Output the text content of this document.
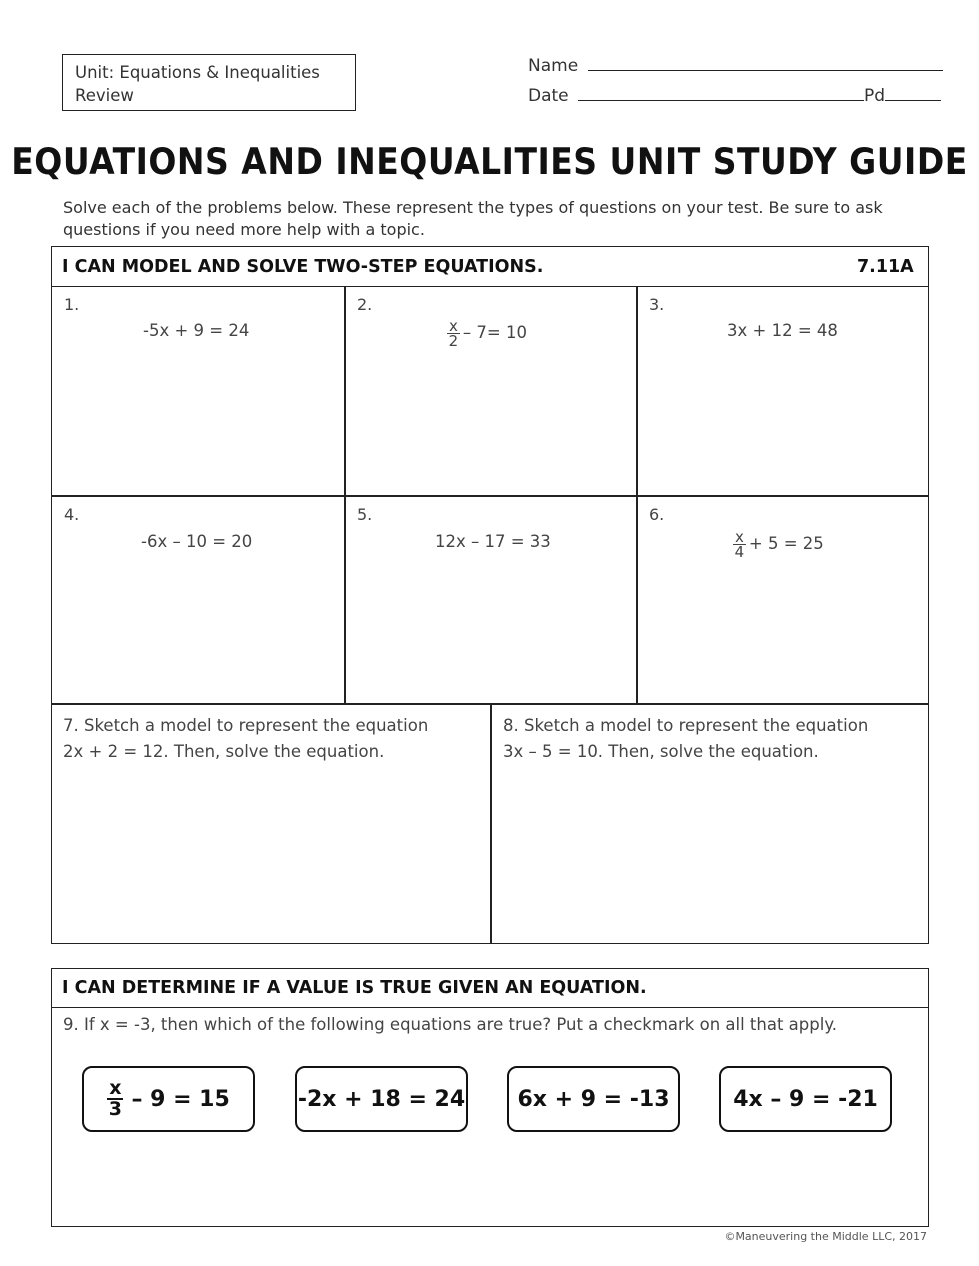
Unit: Equations & Inequalities
Review
Name
Date	Pd
EQUATIONS AND INEQUALITIES UNIT STUDY GUIDE
Solve each of the problems below. These represent the types of questions on your test. Be sure to ask questions if you need more help with a topic.
I CAN MODEL AND SOLVE TWO-STEP EQUATIONS.	7.11A
1.
-5x + 9 = 24
2.
$\frac{x}{2} - 7= 10$
3.
3x + 12 = 48
4.
-6x – 10 = 20
5.
12x – 17 = 33
6.
$\frac{x}{4} + 5 = 25$
7. Sketch a model to represent the equation
2x + 2 = 12. Then, solve the equation.
8. Sketch a model to represent the equation
3x – 5 = 10. Then, solve the equation.
I CAN DETERMINE IF A VALUE IS TRUE GIVEN AN EQUATION.
9. If x = -3, then which of the following equations are true? Put a checkmark on all that apply.
$\frac{x}{3} - 9 = 15$	-2x + 18 = 24 6x + 9 = -13	4x – 9 = -21
©Maneuvering the Middle LLC, 2017
